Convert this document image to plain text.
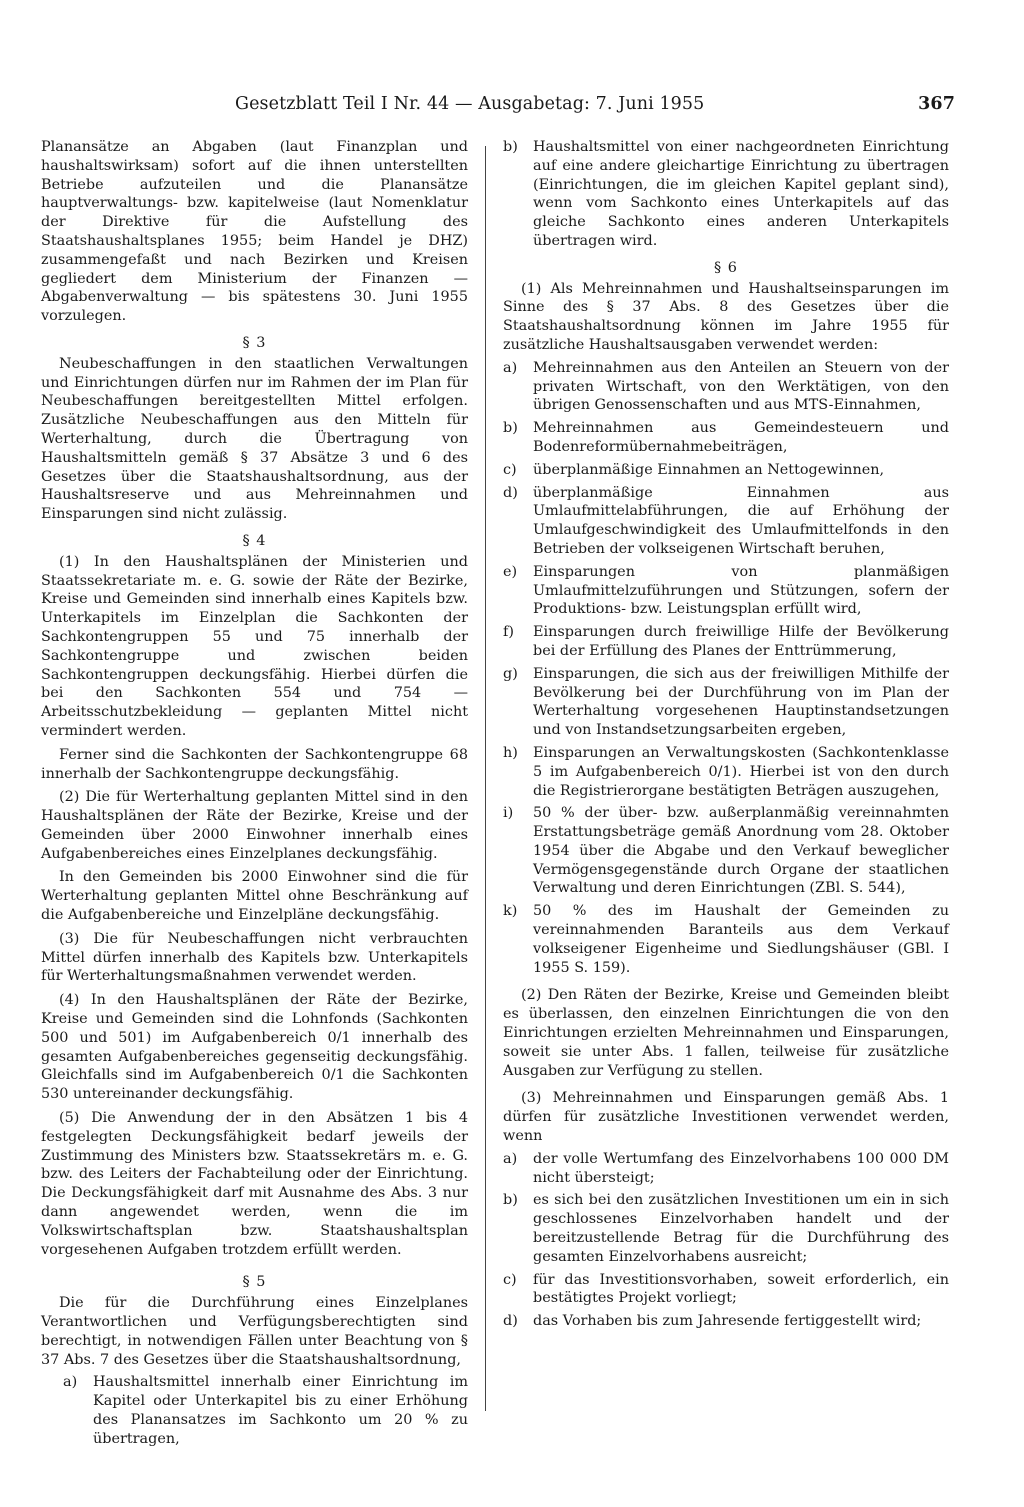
Gesetzblatt Teil I Nr. 44 — Ausgabetag: 7. Juni 1955	367

Planansätze an Abgaben (laut Finanzplan und haushaltswirksam) sofort auf die ihnen unterstellten Betriebe aufzuteilen und die Planansätze hauptverwaltungs- bzw. kapitelweise (laut Nomenklatur der Direktive für die Aufstellung des Staatshaushaltsplanes 1955; beim Handel je DHZ) zusammengefaßt und nach Bezirken und Kreisen gegliedert dem Ministerium der Finanzen — Abgabenverwaltung — bis spätestens 30. Juni 1955 vorzulegen.

§ 3

Neubeschaffungen in den staatlichen Verwaltungen und Einrichtungen dürfen nur im Rahmen der im Plan für Neubeschaffungen bereitgestellten Mittel erfolgen. Zusätzliche Neubeschaffungen aus den Mitteln für Werterhaltung, durch die Übertragung von Haushaltsmitteln gemäß § 37 Absätze 3 und 6 des Gesetzes über die Staatshaushaltsordnung, aus der Haushaltsreserve und aus Mehreinnahmen und Einsparungen sind nicht zulässig.

§ 4

(1) In den Haushaltsplänen der Ministerien und Staatssekretariate m. e. G. sowie der Räte der Bezirke, Kreise und Gemeinden sind innerhalb eines Kapitels bzw. Unterkapitels im Einzelplan die Sachkonten der Sachkontengruppen 55 und 75 innerhalb der Sachkontengruppe und zwischen beiden Sachkontengruppen deckungsfähig. Hierbei dürfen die bei den Sachkonten 554 und 754 — Arbeitsschutzbekleidung — geplanten Mittel nicht vermindert werden.

Ferner sind die Sachkonten der Sachkontengruppe 68 innerhalb der Sachkontengruppe deckungsfähig.

(2) Die für Werterhaltung geplanten Mittel sind in den Haushaltsplänen der Räte der Bezirke, Kreise und der Gemeinden über 2000 Einwohner innerhalb eines Aufgabenbereiches eines Einzelplanes deckungsfähig.

In den Gemeinden bis 2000 Einwohner sind die für Werterhaltung geplanten Mittel ohne Beschränkung auf die Aufgabenbereiche und Einzelpläne deckungsfähig.

(3) Die für Neubeschaffungen nicht verbrauchten Mittel dürfen innerhalb des Kapitels bzw. Unterkapitels für Werterhaltungsmaßnahmen verwendet werden.

(4) In den Haushaltsplänen der Räte der Bezirke, Kreise und Gemeinden sind die Lohnfonds (Sachkonten 500 und 501) im Aufgabenbereich 0/1 innerhalb des gesamten Aufgabenbereiches gegenseitig deckungsfähig. Gleichfalls sind im Aufgabenbereich 0/1 die Sachkonten 530 untereinander deckungsfähig.

(5) Die Anwendung der in den Absätzen 1 bis 4 festgelegten Deckungsfähigkeit bedarf jeweils der Zustimmung des Ministers bzw. Staatssekretärs m. e. G. bzw. des Leiters der Fachabteilung oder der Einrichtung. Die Deckungsfähigkeit darf mit Ausnahme des Abs. 3 nur dann angewendet werden, wenn die im Volkswirtschaftsplan bzw. Staatshaushaltsplan vorgesehenen Aufgaben trotzdem erfüllt werden.

§ 5

Die für die Durchführung eines Einzelplanes Verantwortlichen und Verfügungsberechtigten sind berechtigt, in notwendigen Fällen unter Beachtung von § 37 Abs. 7 des Gesetzes über die Staatshaushaltsordnung,

a)	Haushaltsmittel innerhalb einer Einrichtung im Kapitel oder Unterkapitel bis zu einer Erhöhung des Planansatzes im Sachkonto um 20 % zu übertragen,
b)	Haushaltsmittel von einer nachgeordneten Einrichtung auf eine andere gleichartige Einrichtung zu übertragen (Einrichtungen, die im gleichen Kapitel geplant sind), wenn vom Sachkonto eines Unterkapitels auf das gleiche Sachkonto eines anderen Unterkapitels übertragen wird.

§ 6

(1) Als Mehreinnahmen und Haushaltseinsparungen im Sinne des § 37 Abs. 8 des Gesetzes über die Staatshaushaltsordnung können im Jahre 1955 für zusätzliche Haushaltsausgaben verwendet werden:

a)	Mehreinnahmen aus den Anteilen an Steuern von der privaten Wirtschaft, von den Werktätigen, von den übrigen Genossenschaften und aus MTS-Einnahmen,
b)	Mehreinnahmen aus Gemeindesteuern und Bodenreformübernahmebeiträgen,
c)	überplanmäßige Einnahmen an Nettogewinnen,
d)	überplanmäßige Einnahmen aus Umlaufmittelabführungen, die auf Erhöhung der Umlaufgeschwindigkeit des Umlaufmittelfonds in den Betrieben der volkseigenen Wirtschaft beruhen,
e)	Einsparungen von planmäßigen Umlaufmittelzuführungen und Stützungen, sofern der Produktions- bzw. Leistungsplan erfüllt wird,
f)	Einsparungen durch freiwillige Hilfe der Bevölkerung bei der Erfüllung des Planes der Enttrümmerung,
g)	Einsparungen, die sich aus der freiwilligen Mithilfe der Bevölkerung bei der Durchführung von im Plan der Werterhaltung vorgesehenen Hauptinstandsetzungen und von Instandsetzungsarbeiten ergeben,
h)	Einsparungen an Verwaltungskosten (Sachkontenklasse 5 im Aufgabenbereich 0/1). Hierbei ist von den durch die Registrierorgane bestätigten Beträgen auszugehen,
i)	50 % der über- bzw. außerplanmäßig vereinnahmten Erstattungsbeträge gemäß Anordnung vom 28. Oktober 1954 über die Abgabe und den Verkauf beweglicher Vermögensgegenstände durch Organe der staatlichen Verwaltung und deren Einrichtungen (ZBl. S. 544),
k)	50 % des im Haushalt der Gemeinden zu vereinnahmenden Baranteils aus dem Verkauf volkseigener Eigenheime und Siedlungshäuser (GBl. I 1955 S. 159).

(2) Den Räten der Bezirke, Kreise und Gemeinden bleibt es überlassen, den einzelnen Einrichtungen die von den Einrichtungen erzielten Mehreinnahmen und Einsparungen, soweit sie unter Abs. 1 fallen, teilweise für zusätzliche Ausgaben zur Verfügung zu stellen.

(3) Mehreinnahmen und Einsparungen gemäß Abs. 1 dürfen für zusätzliche Investitionen verwendet werden, wenn

a)	der volle Wertumfang des Einzelvorhabens 100 000 DM nicht übersteigt;
b)	es sich bei den zusätzlichen Investitionen um ein in sich geschlossenes Einzelvorhaben handelt und der bereitzustellende Betrag für die Durchführung des gesamten Einzelvorhabens ausreicht;
c)	für das Investitionsvorhaben, soweit erforderlich, ein bestätigtes Projekt vorliegt;
d)	das Vorhaben bis zum Jahresende fertiggestellt wird;
